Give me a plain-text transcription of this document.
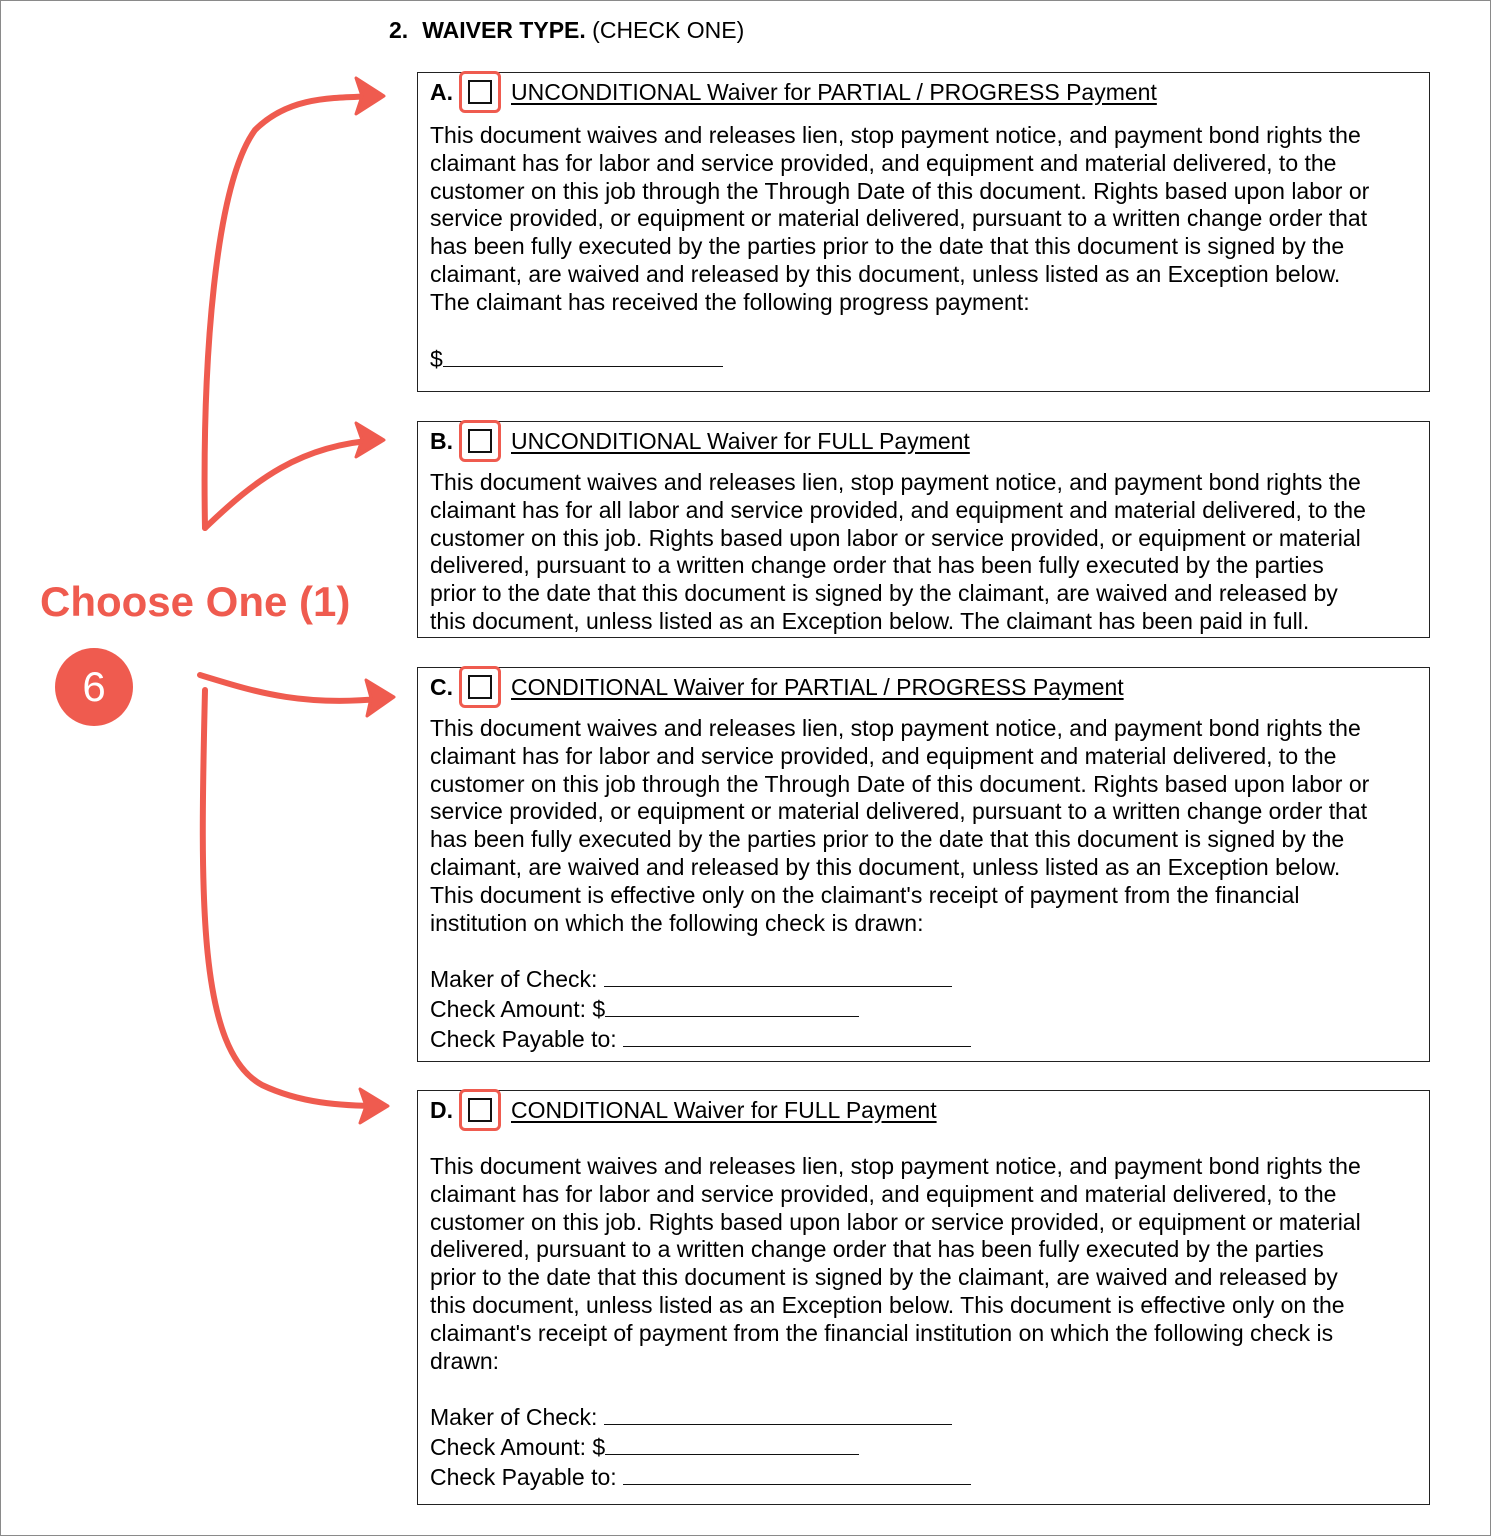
2. WAIVER TYPE. (CHECK ONE)
A.	UNCONDITIONAL Waiver for PARTIAL / PROGRESS Payment
This document waives and releases lien, stop payment notice, and payment bond rights the
claimant has for labor and service provided, and equipment and material delivered, to the
customer on this job through the Through Date of this document. Rights based upon labor or
service provided, or equipment or material delivered, pursuant to a written change order that
has been fully executed by the parties prior to the date that this document is signed by the
claimant, are waived and released by this document, unless listed as an Exception below.
The claimant has received the following progress payment:
$
B.	UNCONDITIONAL Waiver for FULL Payment
This document waives and releases lien, stop payment notice, and payment bond rights the
claimant has for all labor and service provided, and equipment and material delivered, to the
customer on this job. Rights based upon labor or service provided, or equipment or material
delivered, pursuant to a written change order that has been fully executed by the parties
prior to the date that this document is signed by the claimant, are waived and released by
this document, unless listed as an Exception below. The claimant has been paid in full.
C.	CONDITIONAL Waiver for PARTIAL / PROGRESS Payment
This document waives and releases lien, stop payment notice, and payment bond rights the
claimant has for labor and service provided, and equipment and material delivered, to the
customer on this job through the Through Date of this document. Rights based upon labor or
service provided, or equipment or material delivered, pursuant to a written change order that
has been fully executed by the parties prior to the date that this document is signed by the
claimant, are waived and released by this document, unless listed as an Exception below.
This document is effective only on the claimant's receipt of payment from the financial
institution on which the following check is drawn:
Maker of Check:
Check Amount: $
Check Payable to:
D.	CONDITIONAL Waiver for FULL Payment
This document waives and releases lien, stop payment notice, and payment bond rights the
claimant has for labor and service provided, and equipment and material delivered, to the
customer on this job. Rights based upon labor or service provided, or equipment or material
delivered, pursuant to a written change order that has been fully executed by the parties
prior to the date that this document is signed by the claimant, are waived and released by
this document, unless listed as an Exception below. This document is effective only on the
claimant's receipt of payment from the financial institution on which the following check is
drawn:
Maker of Check:
Check Amount: $
Check Payable to:
Choose One (1)
6
